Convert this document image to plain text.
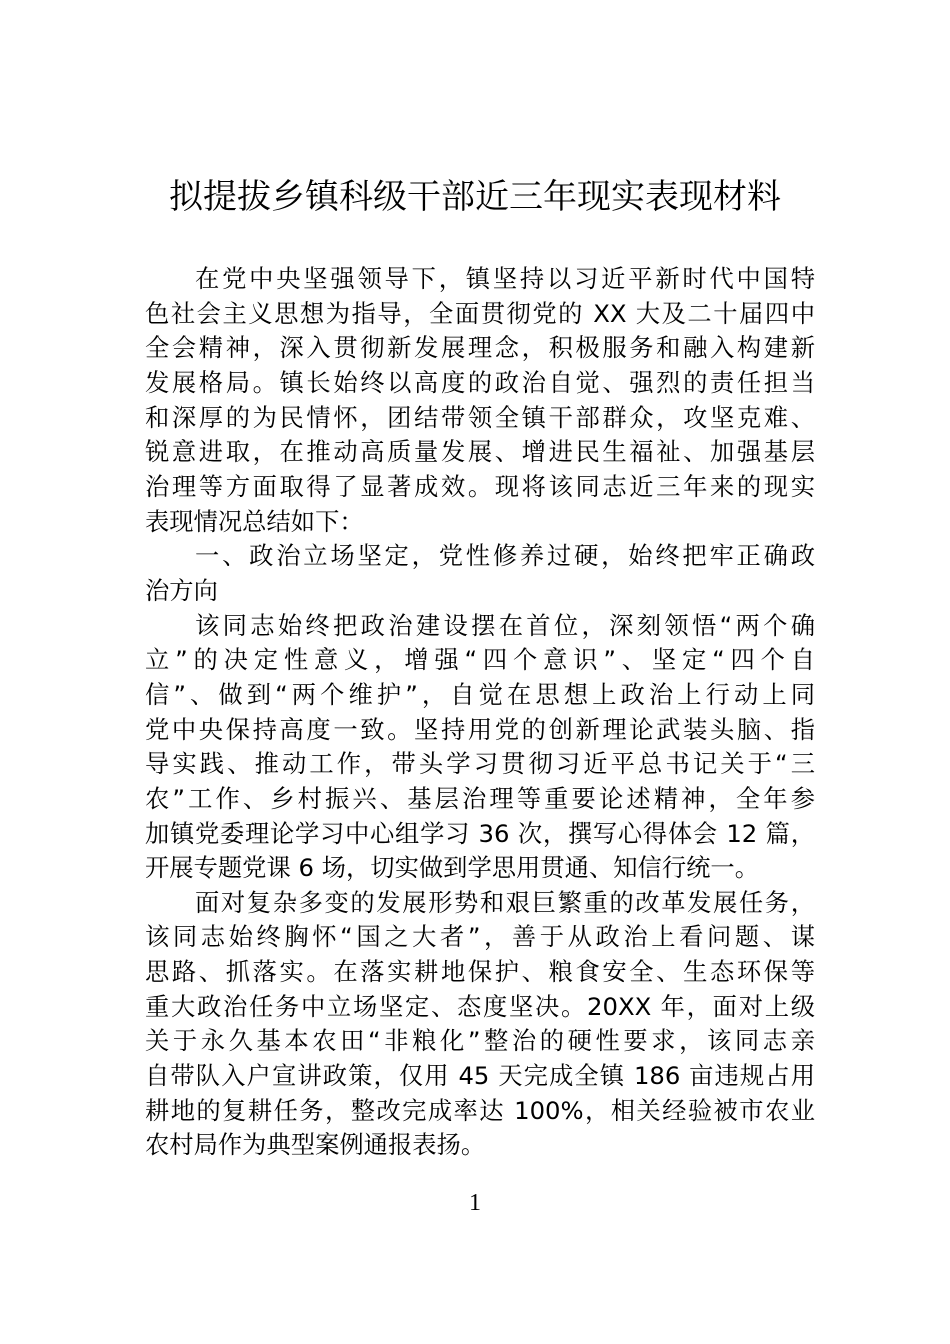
拟提拔乡镇科级干部近三年现实表现材料
在党中央坚强领导下，镇坚持以习近平新时代中国特
色社会主义思想为指导，全面贯彻党的 XX 大及二十届四中
全会精神，深入贯彻新发展理念，积极服务和融入构建新
发展格局。镇长始终以高度的政治自觉、强烈的责任担当
和深厚的为民情怀，团结带领全镇干部群众，攻坚克难、
锐意进取，在推动高质量发展、增进民生福祉、加强基层
治理等方面取得了显著成效。现将该同志近三年来的现实
表现情况总结如下：
一、政治立场坚定，党性修养过硬，始终把牢正确政
治方向
该同志始终把政治建设摆在首位，深刻领悟“两个确
立”的决定性意义，增强“四个意识”、坚定“四个自
信”、做到“两个维护”，自觉在思想上政治上行动上同
党中央保持高度一致。坚持用党的创新理论武装头脑、指
导实践、推动工作，带头学习贯彻习近平总书记关于“三
农”工作、乡村振兴、基层治理等重要论述精神，全年参
加镇党委理论学习中心组学习 36 次，撰写心得体会 12 篇，
开展专题党课 6 场，切实做到学思用贯通、知信行统一。
面对复杂多变的发展形势和艰巨繁重的改革发展任务，
该同志始终胸怀“国之大者”，善于从政治上看问题、谋
思路、抓落实。在落实耕地保护、粮食安全、生态环保等
重大政治任务中立场坚定、态度坚决。20XX 年，面对上级
关于永久基本农田“非粮化”整治的硬性要求，该同志亲
自带队入户宣讲政策，仅用 45 天完成全镇 186 亩违规占用
耕地的复耕任务，整改完成率达 100%，相关经验被市农业
农村局作为典型案例通报表扬。
1
